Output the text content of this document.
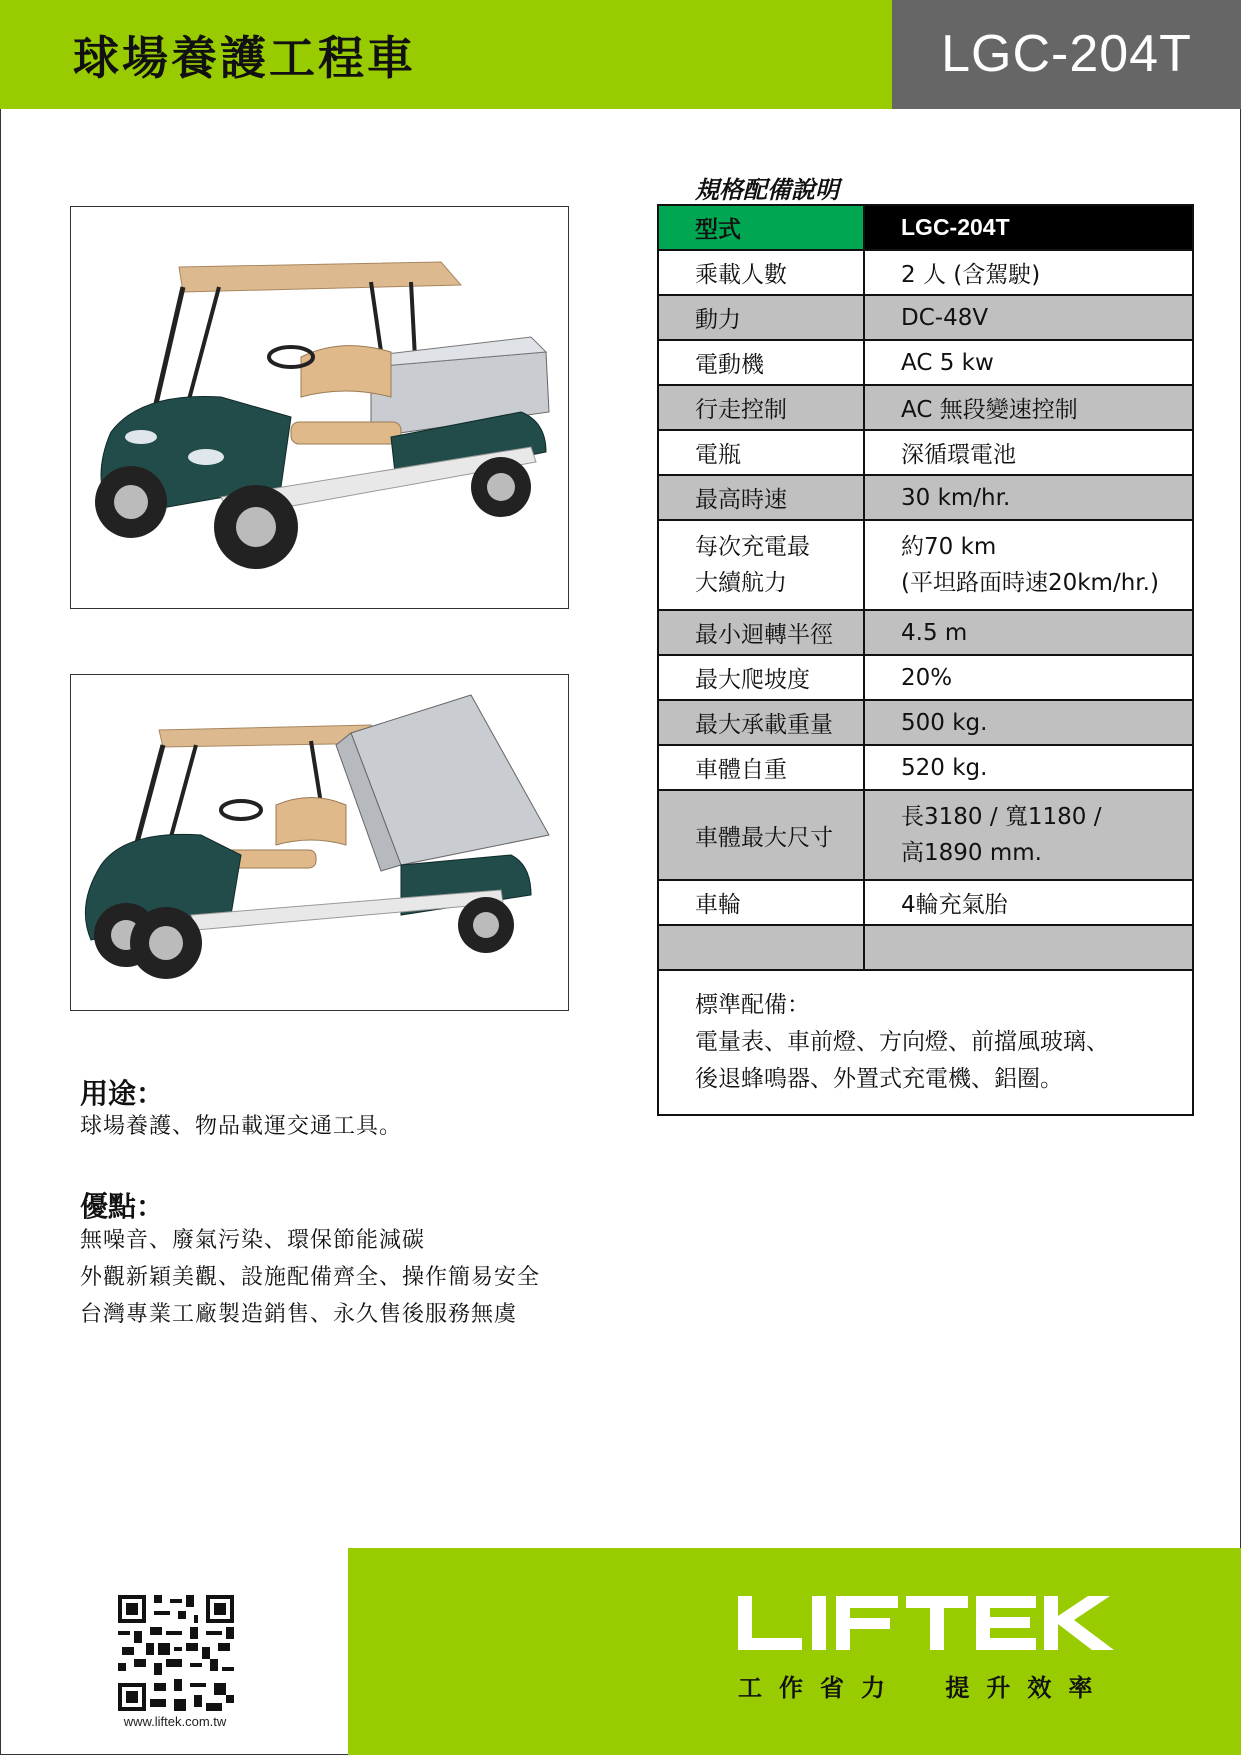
球場養護工程車	LGC-204T
規格配備說明
型式	LGC-204T
乘載人數	2 人 (含駕駛)
動力	DC-48V
電動機	AC 5 kw
行走控制	AC 無段變速控制
電瓶	深循環電池
最高時速	30 km/hr.

每次充電最
大續航力	約70 km
(平坦路面時速20km/hr.)

最小迴轉半徑	4.5 m
最大爬坡度	20%
最大承載重量	500 kg.
車體自重	520 kg.
車體最大尺寸	長3180 / 寬1180 /
高1890 mm.

車輪	4輪充氣胎

標準配備：
電量表、車前燈、方向燈、前擋風玻璃、
後退蜂鳴器、外置式充電機、鋁圈。	
用途：
球場養護、物品載運交通工具。
優點：
無噪音、廢氣污染、環保節能減碳
外觀新穎美觀、設施配備齊全、操作簡易安全
台灣專業工廠製造銷售、永久售後服務無虞
www.liftek.com.tw
工作省力 提升效率
